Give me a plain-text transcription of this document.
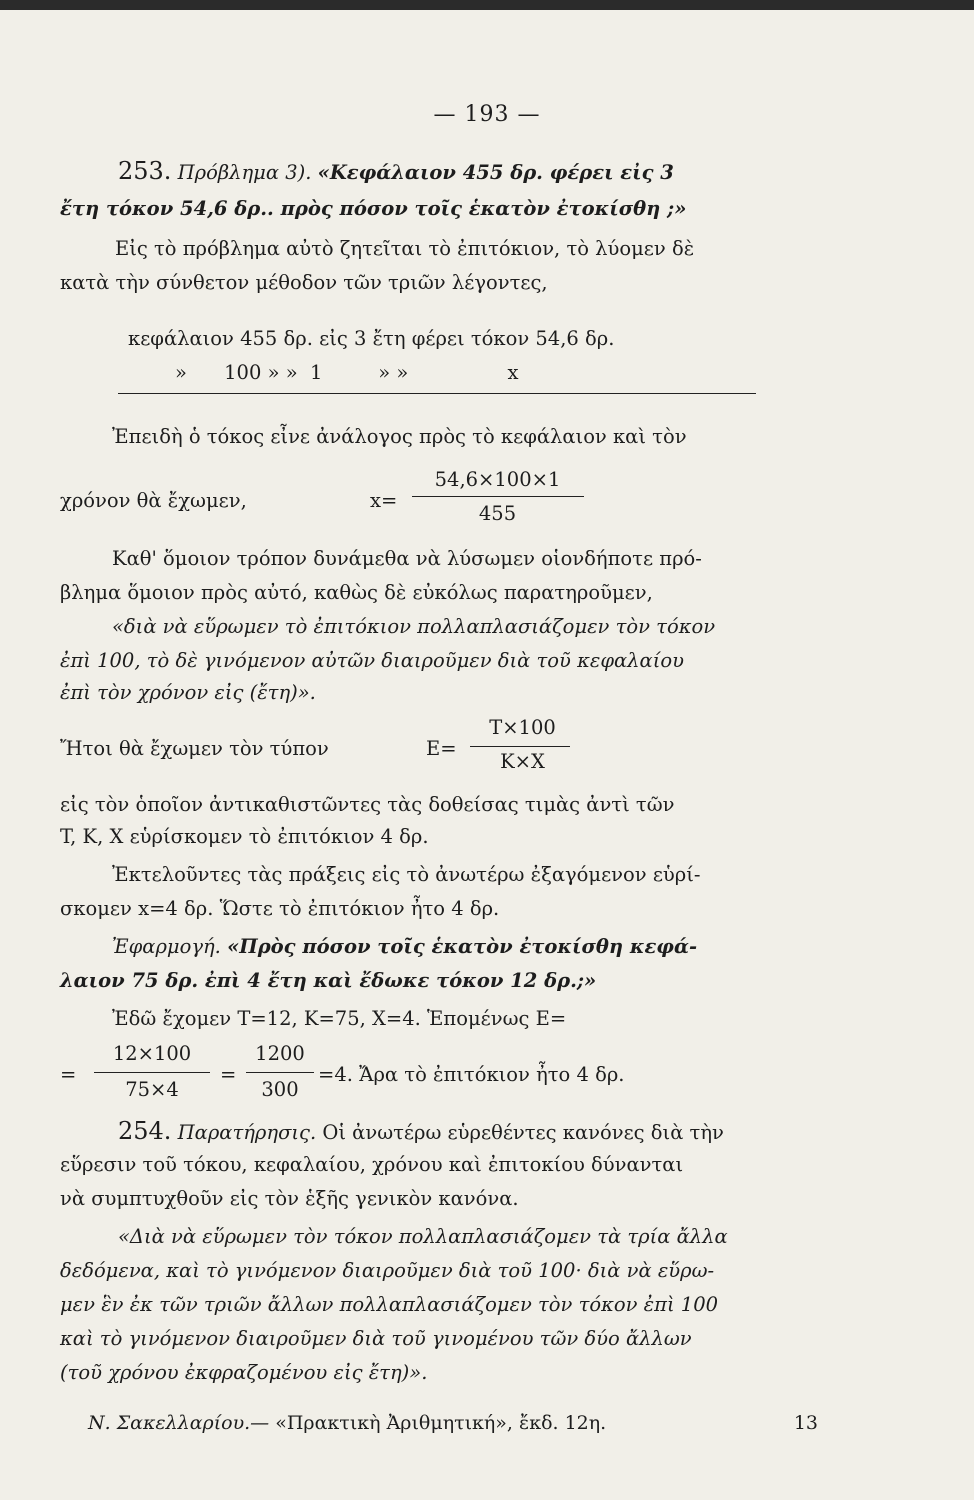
— 193 —
253. Πρόβλημα 3). «Κεφάλαιον 455 δρ. φέρει εἰς 3
ἔτη τόκον 54,6 δρ.. πρὸς πόσον τοῖς ἑκατὸν ἐτοκίσθη ;»
Εἰς τὸ πρόβλημα αὐτὸ ζητεῖται τὸ ἐπιτόκιον, τὸ λύομεν δὲ
κατὰ τὴν σύνθετον μέθοδον τῶν τριῶν λέγοντες,
κεφάλαιον 455 δρ. εἰς 3 ἔτη φέρει τόκον 54,6 δρ.
» 100 » » 1	» »	x
Ἐπειδὴ ὁ τόκος εἶνε ἀνάλογος πρὸς τὸ κεφάλαιον καὶ τὸν
χρόνον θὰ ἔχωμεν,	x=
54,6×100×1
455
Καθ' ὅμοιον τρόπον δυνάμεθα νὰ λύσωμεν οἱονδήποτε πρό-
βλημα ὅμοιον πρὸς αὐτό, καθὼς δὲ εὐκόλως παρατηροῦμεν,
«διὰ νὰ εὕρωμεν τὸ ἐπιτόκιον πολλαπλασιάζομεν τὸν τόκον
ἐπὶ 100, τὸ δὲ γινόμενον αὐτῶν διαιροῦμεν διὰ τοῦ κεφαλαίου
ἐπὶ τὸν χρόνον εἰς (ἔτη)».
Ἤτοι θὰ ἔχωμεν τὸν τύπον	E=
T×100
K×X
εἰς τὸν ὁποῖον ἀντικαθιστῶντες τὰς δοθείσας τιμὰς ἀντὶ τῶν
T, K, X εὑρίσκομεν τὸ ἐπιτόκιον 4 δρ.
Ἐκτελοῦντες τὰς πράξεις εἰς τὸ ἀνωτέρω ἐξαγόμενον εὑρί-
σκομεν x=4 δρ. Ὥστε τὸ ἐπιτόκιον ἦτο 4 δρ.
Ἐφαρμογή. «Πρὸς πόσον τοῖς ἑκατὸν ἐτοκίσθη κεφά-
λαιον 75 δρ. ἐπὶ 4 ἔτη καὶ ἔδωκε τόκον 12 δρ.;»
Ἐδῶ ἔχομεν T=12, K=75, X=4. Ἑπομένως E=
=
12×100
75×4
=
1200
300
=4. Ἄρα τὸ ἐπιτόκιον ἦτο 4 δρ.
254. Παρατήρησις. Οἱ ἀνωτέρω εὑρεθέντες κανόνες διὰ τὴν
εὕρεσιν τοῦ τόκου, κεφαλαίου, χρόνου καὶ ἐπιτοκίου δύνανται
νὰ συμπτυχθοῦν εἰς τὸν ἑξῆς γενικὸν κανόνα.
«Διὰ νὰ εὕρωμεν τὸν τόκον πολλαπλασιάζομεν τὰ τρία ἄλλα
δεδόμενα, καὶ τὸ γινόμενον διαιροῦμεν διὰ τοῦ 100· διὰ νὰ εὕρω-
μεν ἓν ἐκ τῶν τριῶν ἄλλων πολλαπλασιάζομεν τὸν τόκον ἐπὶ 100
καὶ τὸ γινόμενον διαιροῦμεν διὰ τοῦ γινομένου τῶν δύο ἄλλων
(τοῦ χρόνου ἐκφραζομένου εἰς ἔτη)».
Ν. Σακελλαρίου.— «Πρακτικὴ Ἀριθμητική», ἔκδ. 12η.	13
